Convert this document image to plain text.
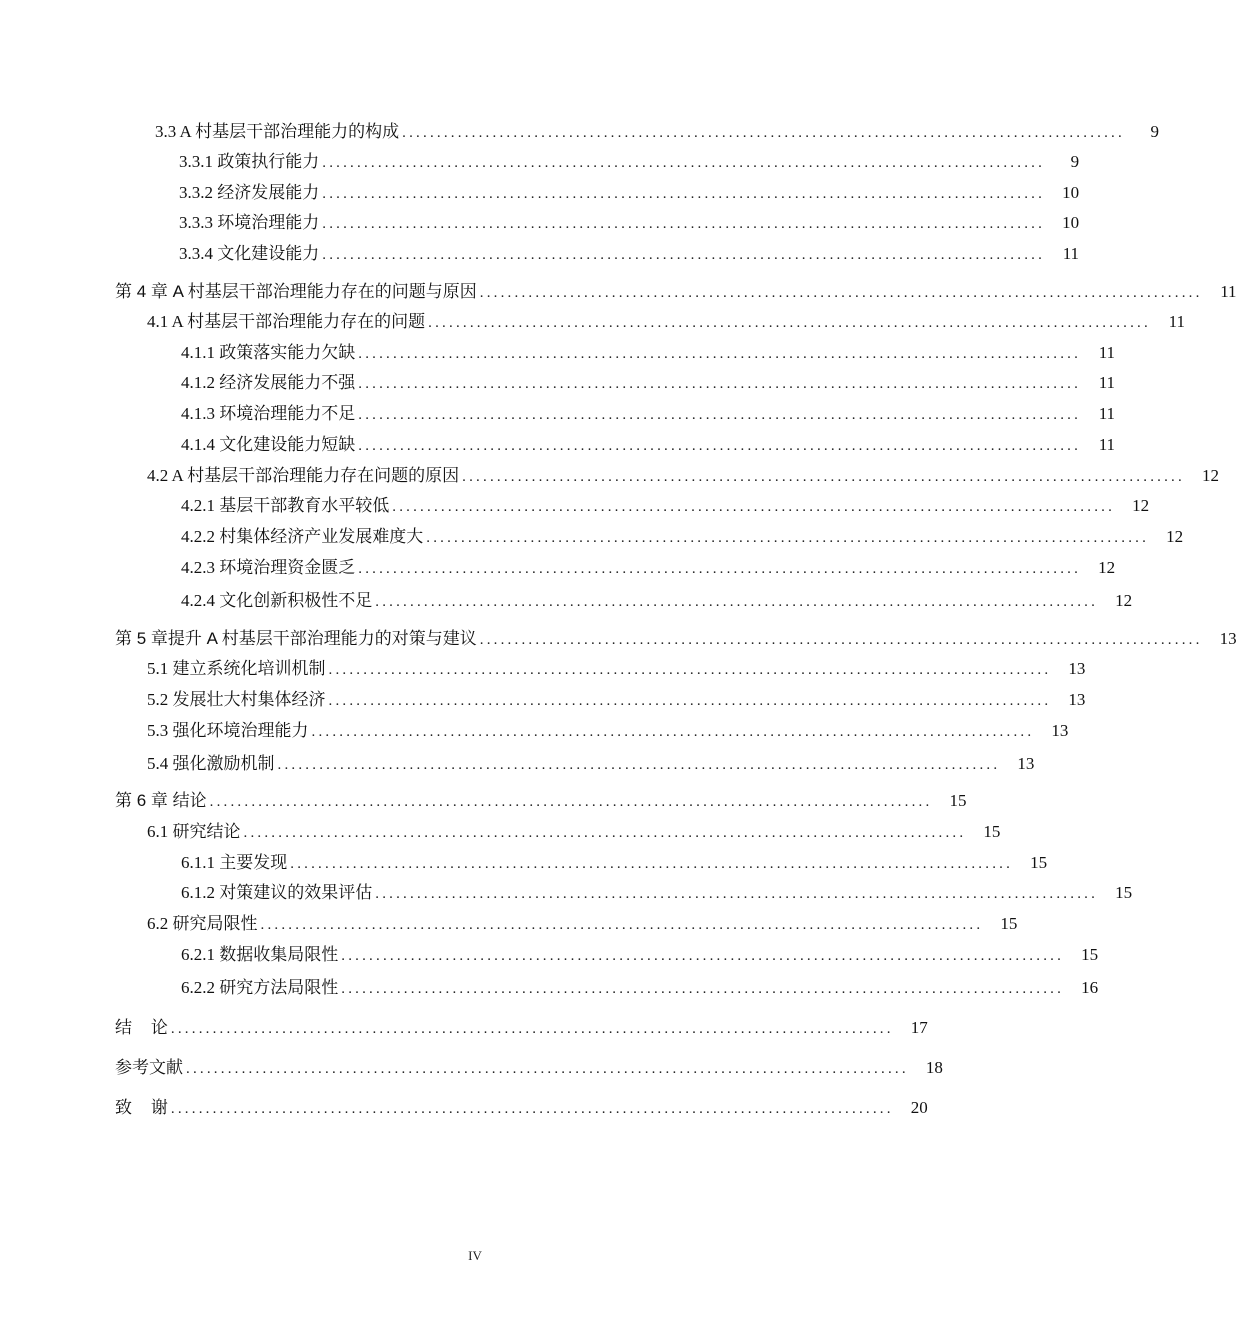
3.3 A 村基层干部治理能力的构成 ........................................................................................................	9
3.3.1 政策执行能力 ........................................................................................................	9
3.3.2 经济发展能力 ........................................................................................................	10
3.3.3 环境治理能力 ........................................................................................................	10
3.3.4 文化建设能力 ........................................................................................................	11
第 4 章 A 村基层干部治理能力存在的问题与原因 ........................................................................................................	11
4.1 A 村基层干部治理能力存在的问题 ........................................................................................................	11
4.1.1 政策落实能力欠缺 ........................................................................................................	11
4.1.2 经济发展能力不强 ........................................................................................................	11
4.1.3 环境治理能力不足 ........................................................................................................	11
4.1.4 文化建设能力短缺 ........................................................................................................	11
4.2 A 村基层干部治理能力存在问题的原因 ........................................................................................................	12
4.2.1 基层干部教育水平较低 ........................................................................................................	12
4.2.2 村集体经济产业发展难度大 ........................................................................................................	12
4.2.3 环境治理资金匮乏 ........................................................................................................	12
4.2.4 文化创新积极性不足 ........................................................................................................	12
第 5 章提升 A 村基层干部治理能力的对策与建议 ........................................................................................................	13
5.1 建立系统化培训机制 ........................................................................................................	13
5.2 发展壮大村集体经济 ........................................................................................................	13
5.3 强化环境治理能力 ........................................................................................................	13
5.4 强化激励机制 ........................................................................................................	13
第 6 章 结论 ........................................................................................................	15
6.1 研究结论 ........................................................................................................	15
6.1.1 主要发现 ........................................................................................................	15
6.1.2 对策建议的效果评估 ........................................................................................................	15
6.2 研究局限性 ........................................................................................................	15
6.2.1 数据收集局限性 ........................................................................................................	15
6.2.2 研究方法局限性 ........................................................................................................	16
结    论 ........................................................................................................	17
参考文献 ........................................................................................................	18
致    谢 ........................................................................................................	20
IV
